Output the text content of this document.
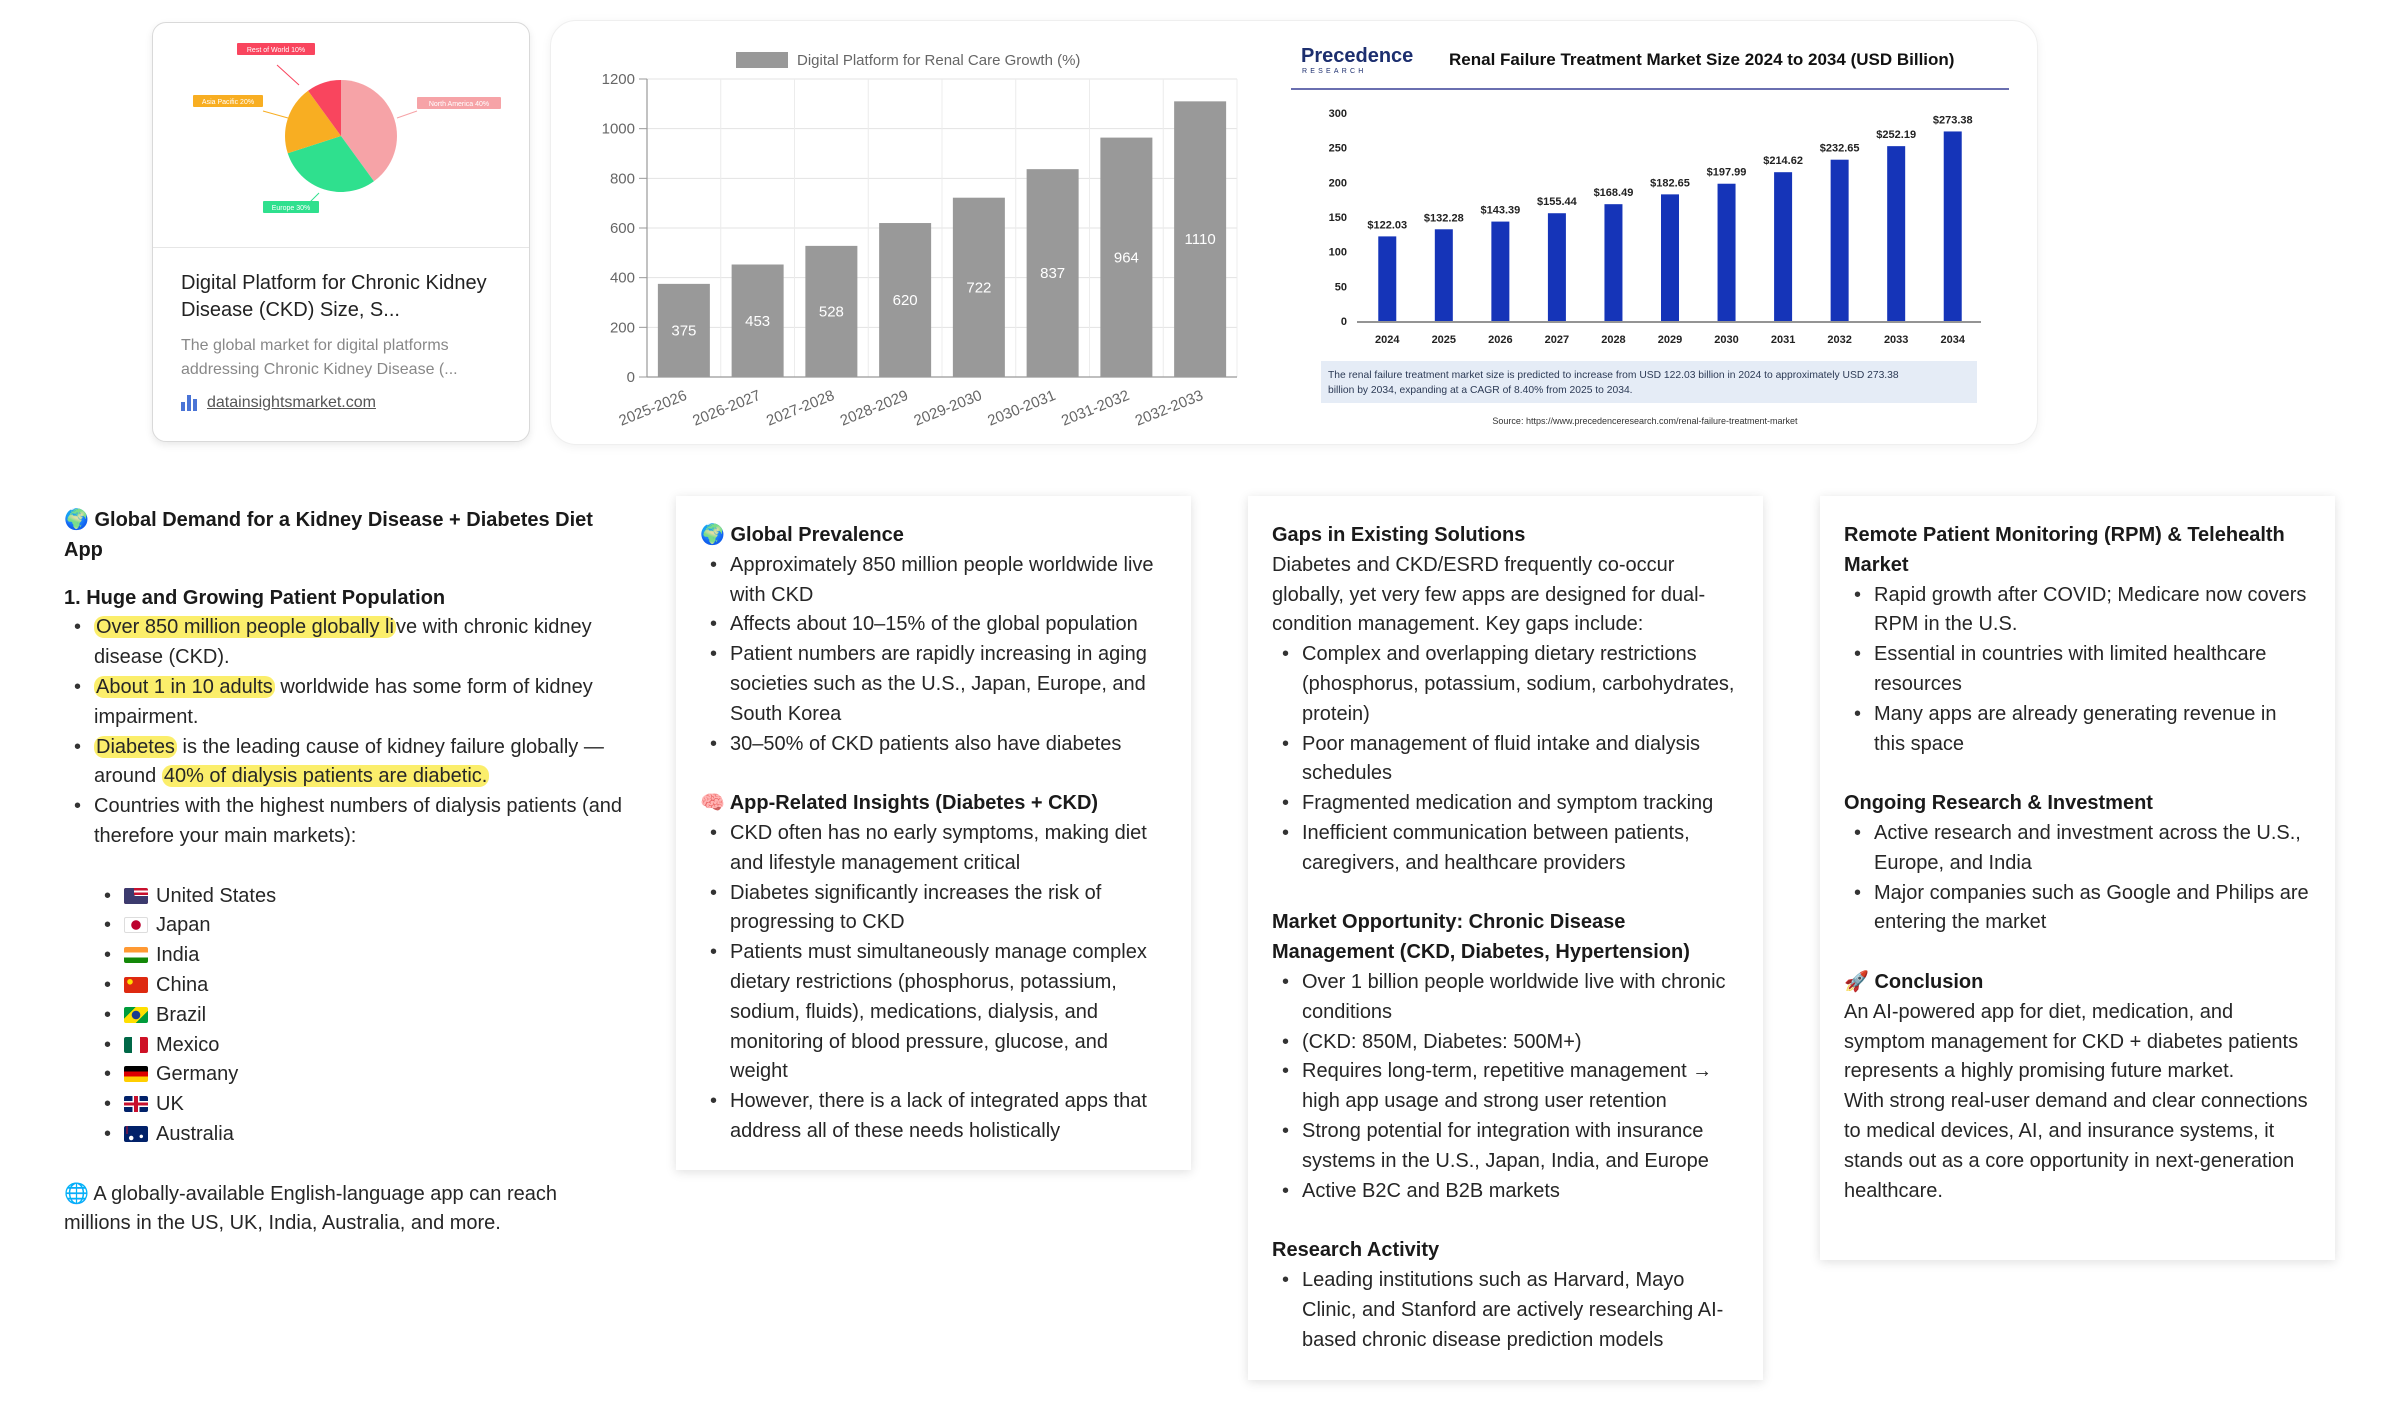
North America 40%
Europe 30%
Asia Pacific 20%
Rest of World 10%
Digital Platform for Chronic Kidney Disease (CKD) Size, S...
The global market for digital platforms addressing Chronic Kidney Disease (...
datainsightsmarket.com
Digital Platform for Renal Care Growth (%)
0
200
400
600
800
1000
1200
375
2025-2026
453
2026-2027
528
2027-2028
620
2028-2029
722
2029-2030
837
2030-2031
964
2031-2032
1110
2032-2033
Precedence
RESEARCH
Renal Failure Treatment Market Size 2024 to 2034 (USD Billion)
0
50
100
150
200
250
300
$122.03
2024
$132.28
2025
$143.39
2026
$155.44
2027
$168.49
2028
$182.65
2029
$197.99
2030
$214.62
2031
$232.65
2032
$252.19
2033
$273.38
2034
The renal failure treatment market size is predicted to increase from USD 122.03 billion in 2024 to approximately USD 273.38
billion by 2034, expanding at a CAGR of 8.40% from 2025 to 2034.
Source: https://www.precedenceresearch.com/renal-failure-treatment-market
🌍 Global Demand for a Kidney Disease + Diabetes Diet App
1. Huge and Growing Patient Population
• Over 850 million people globally li ve with chronic kidney disease (CKD).
• About 1 in 10 adults worldwide has some form of kidney impairment.
• Diabetes is the leading cause of kidney failure globally — around 40% of dialysis patients are diabetic.
• Countries with the highest numbers of dialysis patients (and therefore your main markets):
• United States
• Japan
• India
• China
• Brazil
• Mexico
• Germany
• UK
• Australia
🌐 A globally-available English-language app can reach millions in the US, UK, India, Australia, and more.
🌍 Global Prevalence
• Approximately 850 million people worldwide live with CKD
• Affects about 10–15% of the global population
• Patient numbers are rapidly increasing in aging societies such as the U.S., Japan, Europe, and South Korea
• 30–50% of CKD patients also have diabetes
🧠 App-Related Insights (Diabetes + CKD)
• CKD often has no early symptoms, making diet and lifestyle management critical
• Diabetes significantly increases the risk of progressing to CKD
• Patients must simultaneously manage complex dietary restrictions (phosphorus, potassium, sodium, fluids), medications, dialysis, and monitoring of blood pressure, glucose, and weight
• However, there is a lack of integrated apps that address all of these needs holistically
Gaps in Existing Solutions
Diabetes and CKD/ESRD frequently co-occur globally, yet very few apps are designed for dual-condition management. Key gaps include:
• Complex and overlapping dietary restrictions (phosphorus, potassium, sodium, carbohydrates, protein)
• Poor management of fluid intake and dialysis schedules
• Fragmented medication and symptom tracking
• Inefficient communication between patients, caregivers, and healthcare providers
Market Opportunity: Chronic Disease Management (CKD, Diabetes, Hypertension)
• Over 1 billion people worldwide live with chronic conditions
• (CKD: 850M, Diabetes: 500M+)
• Requires long-term, repetitive management → high app usage and strong user retention
• Strong potential for integration with insurance systems in the U.S., Japan, India, and Europe
• Active B2C and B2B markets
Research Activity
• Leading institutions such as Harvard, Mayo Clinic, and Stanford are actively researching AI-based chronic disease prediction models
Remote Patient Monitoring (RPM) & Telehealth Market
• Rapid growth after COVID; Medicare now covers RPM in the U.S.
• Essential in countries with limited healthcare resources
• Many apps are already generating revenue in this space
Ongoing Research & Investment
• Active research and investment across the U.S., Europe, and India
• Major companies such as Google and Philips are entering the market
🚀 Conclusion
An AI-powered app for diet, medication, and symptom management for CKD + diabetes patients represents a highly promising future market.
With strong real-user demand and clear connections to medical devices, AI, and insurance systems, it stands out as a core opportunity in next-generation healthcare.
